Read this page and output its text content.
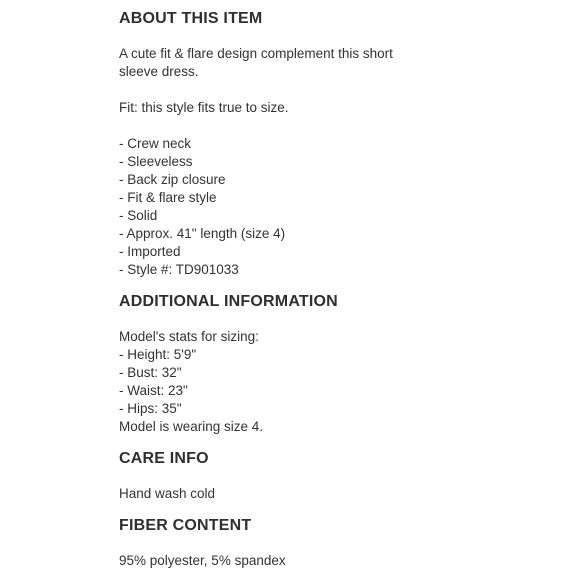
ABOUT THIS ITEM

A cute fit & flare design complement this short

sleeve dress.

Fit: this style fits true to size.

- Crew neck
- Sleeveless
- Back zip closure
- Fit & flare style
- Solid
- Approx. 41" length (size 4)
- Imported
- Style #: TD901033
ADDITIONAL INFORMATION

Model's stats for sizing:

- Height: 5'9"
- Bust: 32"
- Waist: 23"
- Hips: 35"

Model is wearing size 4.

CARE INFO

Hand wash cold

FIBER CONTENT

95% polyester, 5% spandex
